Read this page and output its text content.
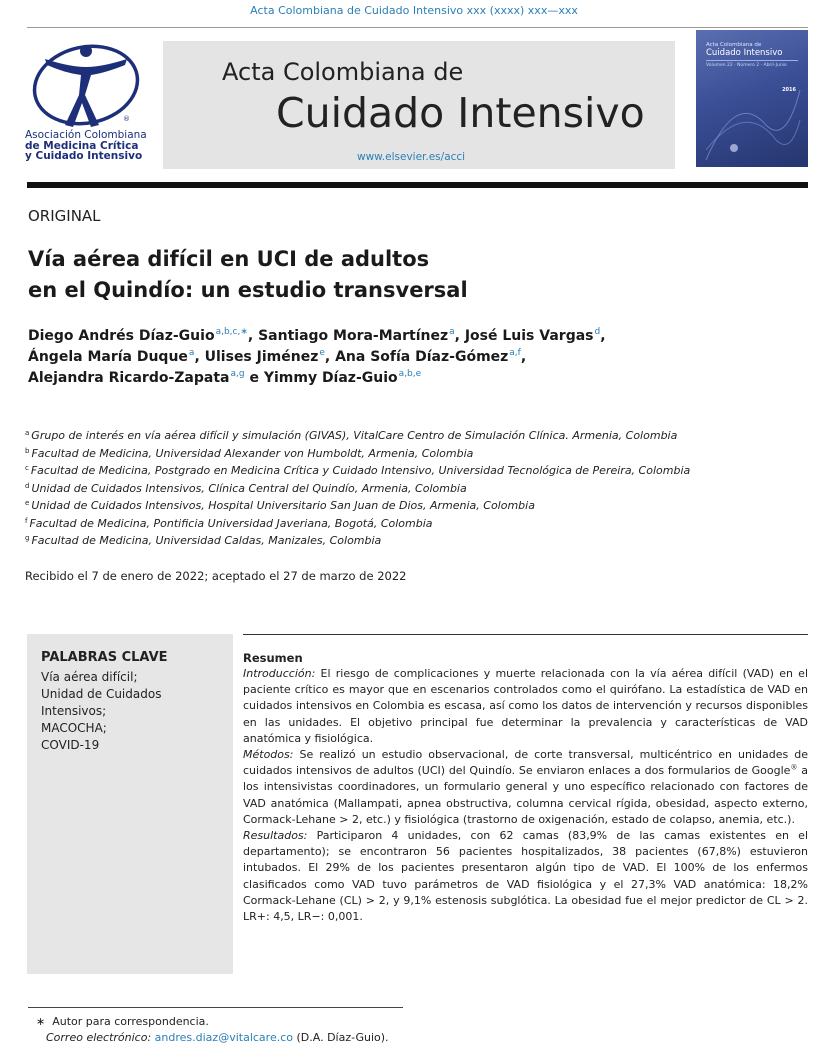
Acta Colombiana de Cuidado Intensivo xxx (xxxx) xxx—xxx
®
Asociación Colombiana
de Medicina Crítica
y Cuidado Intensivo
Acta Colombiana de
Cuidado Intensivo
www.elsevier.es/acci
Acta Colombiana de
Cuidado Intensivo
Volumen 22 · Número 2 · Abril-Junio
2016
ORIGINAL
Vía aérea difícil en UCI de adultos
en el Quindío: un estudio transversal
Diego Andrés Díaz-Guio$^{a,b,c,∗}$, Santiago Mora-Martínez$^a$, José Luis Vargas$^d$,
Ángela María Duque$^a$, Ulises Jiménez$^e$, Ana Sofía Díaz-Gómez$^{a,f}$,
Alejandra Ricardo-Zapata$^{a,g}$ e Yimmy Díaz-Guio$^{a,b,e}$
$^a$ Grupo de interés en vía aérea difícil y simulación (GIVAS), VitalCare Centro de Simulación Clínica. Armenia, Colombia
$^b$ Facultad de Medicina, Universidad Alexander von Humboldt, Armenia, Colombia
$^c$ Facultad de Medicina, Postgrado en Medicina Crítica y Cuidado Intensivo, Universidad Tecnológica de Pereira, Colombia
$^d$ Unidad de Cuidados Intensivos, Clínica Central del Quindío, Armenia, Colombia
$^e$ Unidad de Cuidados Intensivos, Hospital Universitario San Juan de Dios, Armenia, Colombia
$^f$ Facultad de Medicina, Pontificia Universidad Javeriana, Bogotá, Colombia
$^g$ Facultad de Medicina, Universidad Caldas, Manizales, Colombia
Recibido el 7 de enero de 2022; aceptado el 27 de marzo de 2022
PALABRAS CLAVE
Vía aérea difícil;
Unidad de Cuidados
Intensivos;
MACOCHA;
COVID-19
Resumen

Introducción: El riesgo de complicaciones y muerte relacionada con la vía aérea difícil (VAD) en el paciente crítico es mayor que en escenarios controlados como el quirófano. La estadística de VAD en cuidados intensivos en Colombia es escasa, así como los datos de intervención y recursos disponibles en las unidades. El objetivo principal fue determinar la prevalencia y características de VAD anatómica y fisiológica.

Métodos: Se realizó un estudio observacional, de corte transversal, multicéntrico en unidades de cuidados intensivos de adultos (UCI) del Quindío. Se enviaron enlaces a dos formularios de Google® a los intensivistas coordinadores, un formulario general y uno específico relacionado con factores de VAD anatómica (Mallampati, apnea obstructiva, columna cervical rígida, obesidad, aspecto externo, Cormack-Lehane > 2, etc.) y fisiológica (trastorno de oxigenación, estado de colapso, anemia, etc.).

Resultados: Participaron 4 unidades, con 62 camas (83,9% de las camas existentes en el departamento); se encontraron 56 pacientes hospitalizados, 38 pacientes (67,8%) estuvieron intubados. El 29% de los pacientes presentaron algún tipo de VAD. El 100% de los enfermos clasificados como VAD tuvo parámetros de VAD fisiológica y el 27,3% VAD anatómica: 18,2% Cormack-Lehane (CL) > 2, y 9,1% estenosis subglótica. La obesidad fue el mejor predictor de CL > 2. LR+: 4,5, LR−: 0,001.

∗ Autor para correspondencia.
Correo electrónico: andres.diaz@vitalcare.co (D.A. Díaz-Guio).
